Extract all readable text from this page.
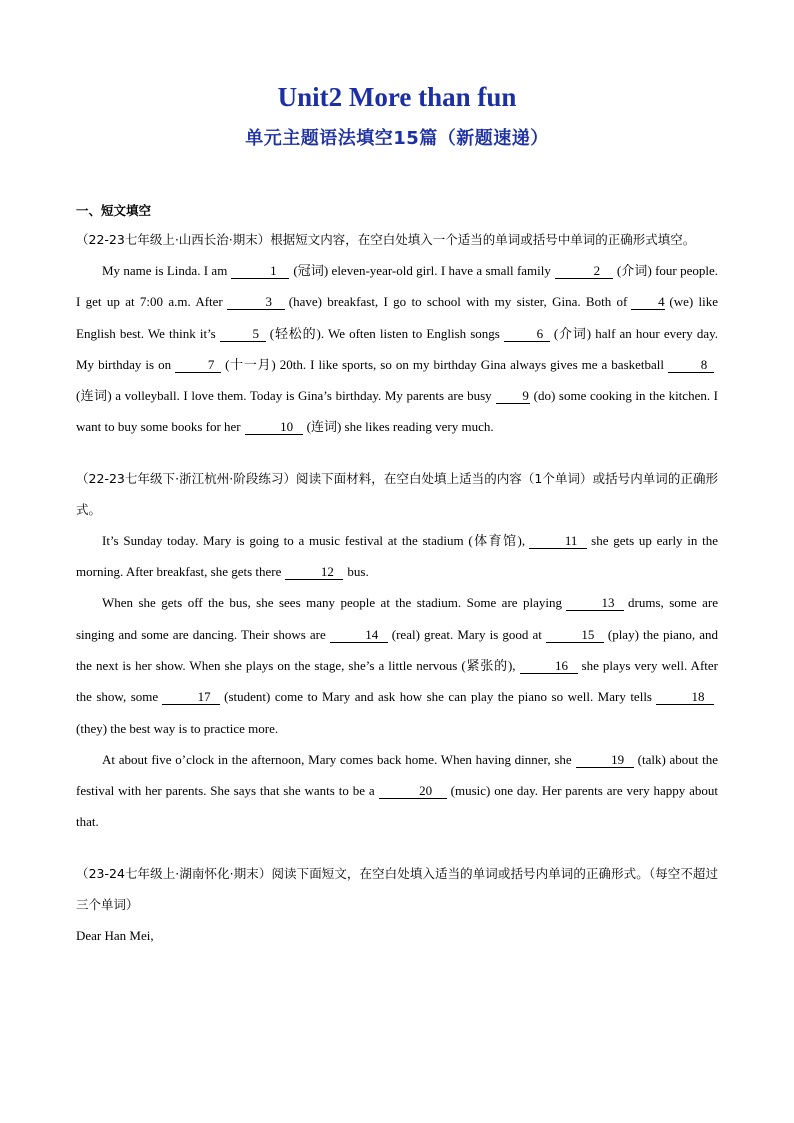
Unit2 More than fun
单元主题语法填空15篇（新题速递）

一、短文填空

（22-23七年级上·山西长治·期末）根据短文内容，在空白处填入一个适当的单词或括号中单词的正确形式填空。

My name is Linda. I am	1 (冠词) eleven-year-old girl. I have a small family	2 (介词) four people. I get up at 7:00 a.m. After	3 (have) breakfast, I go to school with my sister, Gina. Both of 4 (we) like English best. We think it’s	5 (轻松的). We often listen to English songs	6 (介词) half an hour every day. My birthday is on	7 (十一月) 20th. I like sports, so on my birthday Gina always gives me a basketball	8(连词) a volleyball. I love them. Today is Gina’s birthday. My parents are busy 9 (do) some cooking in the kitchen. I want to buy some books for her	10 (连词) she likes reading very much.

（22-23七年级下·浙江杭州·阶段练习）阅读下面材料，在空白处填上适当的内容（1个单词）或括号内单词的正确形式。

It’s Sunday today. Mary is going to a music festival at the stadium (体育馆),	11 she gets up early in the morning. After breakfast, she gets there	12 bus.

When she gets off the bus, she sees many people at the stadium. Some are playing	13 drums, some are singing and some are dancing. Their shows are	14 (real) great. Mary is good at	15 (play) the piano, and the next is her show. When she plays on the stage, she’s a little nervous (紧张的),	16 she plays very well. After the show, some	17 (student) come to Mary and ask how she can play the piano so well. Mary tells	18(they) the best way is to practice more.

At about five o’clock in the afternoon, Mary comes back home. When having dinner, she	19 (talk) about the festival with her parents. She says that she wants to be a	20 (music) one day. Her parents are very happy about that.

（23-24七年级上·湖南怀化·期末）阅读下面短文，在空白处填入适当的单词或括号内单词的正确形式。（每空不超过三个单词）

Dear Han Mei,
